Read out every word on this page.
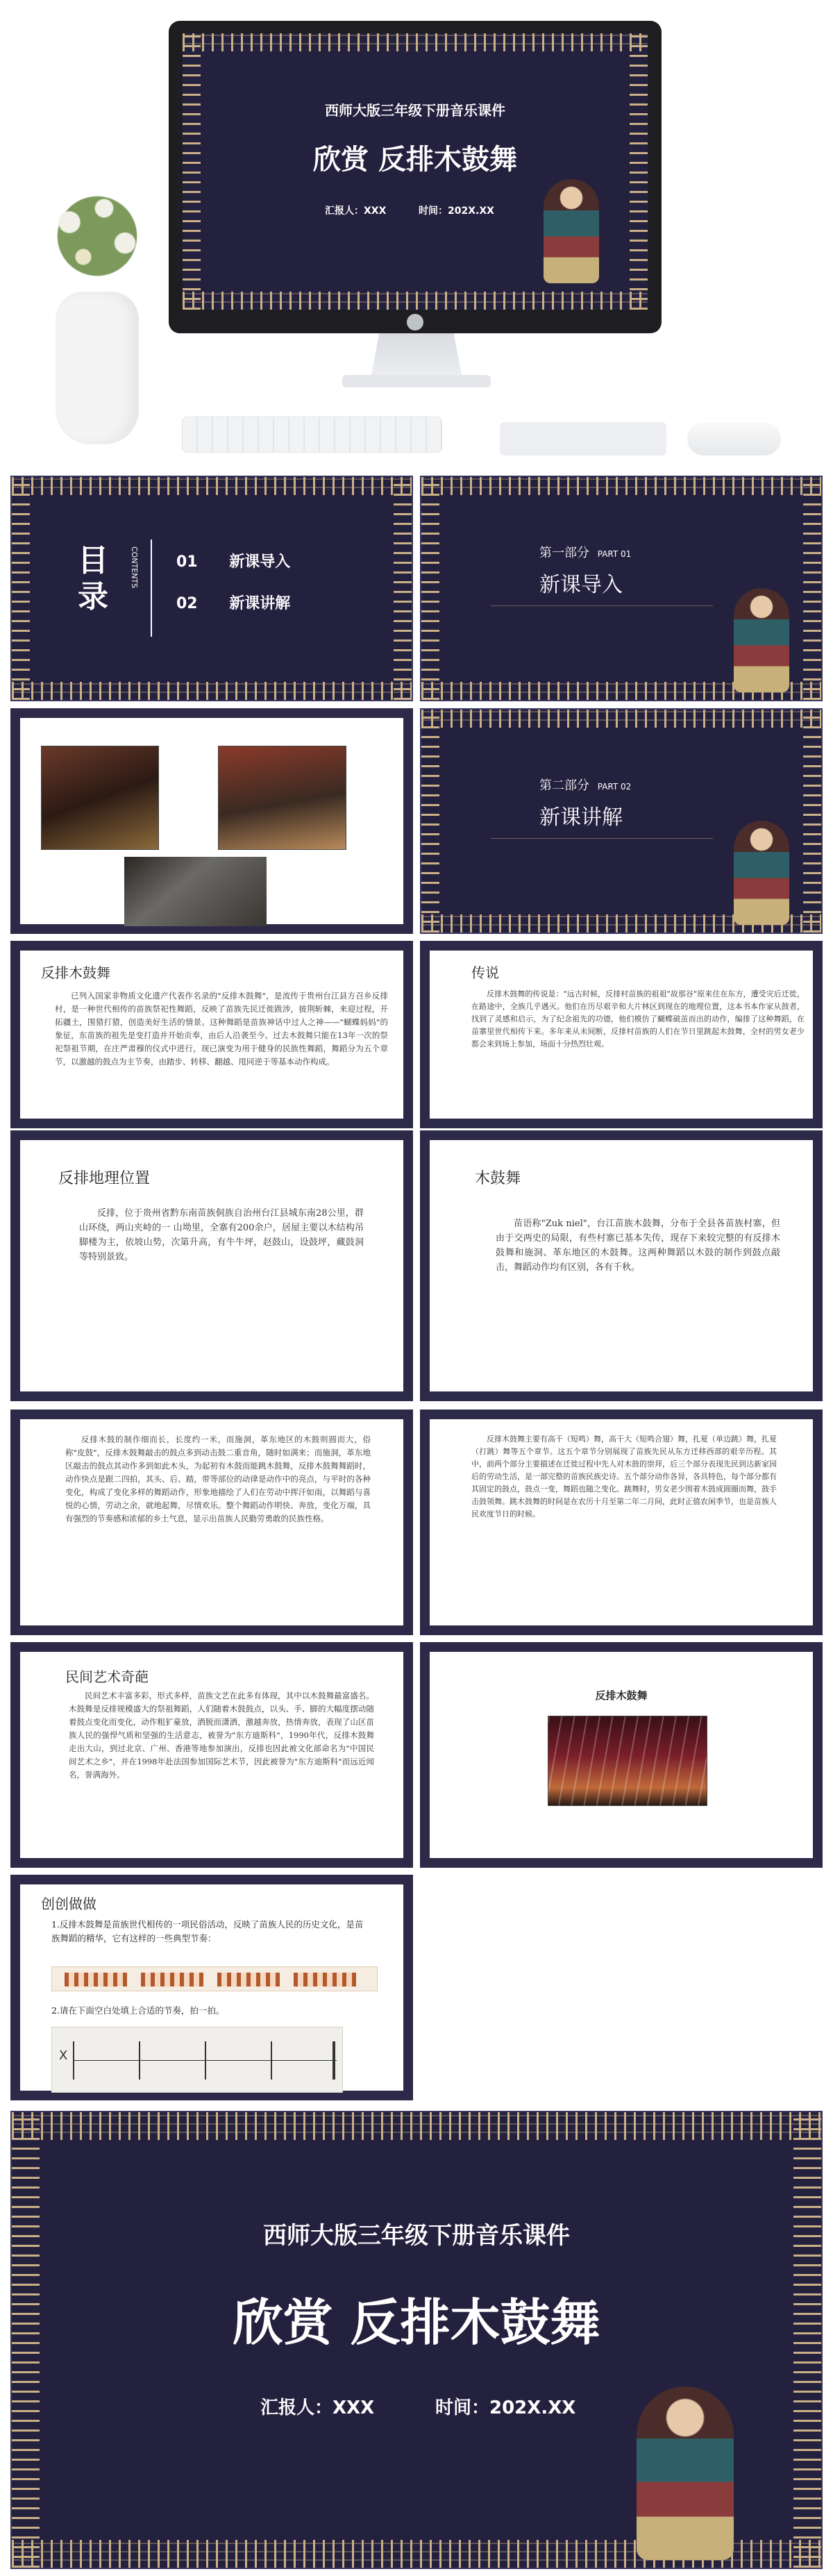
西师大版三年级下册音乐课件
欣赏 反排木鼓舞
汇报人：XXX	时间：202X.XX
目录
CONTENTS 01 新课导入
02 新课讲解
第一部分 PART 01
新课导入
第二部分 PART 02
新课讲解
反排木鼓舞
已列入国家非物质文化遗产代表作名录的"反排木鼓舞"，是流传于贵州台江县方召乡反排村，是一种世代相传的苗族祭祀性舞蹈，反映了苗族先民迁徙跋涉，披荆斩棘，来迎过程，开拓疆土，围猎打猎，创造美好生活的情景。这种舞蹈是苗族神话中过人之神——"蝴蝶妈妈"的象征，东苗族的祖先是变打造并开始贡奉，由后人沿袭至今。过去木鼓舞只能在13年一次的祭祀祭祖节期，在庄严肃穆的仪式中进行，现已演变为用于健身的民族性舞蹈，舞蹈分为五个章节，以激越的鼓点为主节奏，由踏步、转移、翻越、甩同逆于等基本动作构成。
传说
反排木鼓舞的传说是："远古时候，反排村苗族的祖祖"故那谷"原来住在东方，遭受灾后迁徙，在路途中，全族几乎遇灭。他们在历尽艰辛和大片林区到现在的地理位置，这本书本作家从鼓者，找到了灵感和启示，为了纪念祖先的功德，他们模仿了蝴蝶破茧而出的动作，编排了这种舞蹈，在苗寨里世代相传下来。多年来从未间断，反排村苗族的人们在节日里跳起木鼓舞，全村的男女老少都会来到场上参加，场面十分热烈壮观。
反排地理位置
反排，位于贵州省黔东南苗族侗族自治州台江县城东南28公里，群山环绕，两山夹峙的一 山坳里，全寨有200余户，居屋主要以木结构吊脚楼为主，依坡山势，次第升高，有牛牛坪，赵鼓山，设鼓坪，藏鼓洞等特别景致。
木鼓舞
苗语称"Zuk niel"，台江苗族木鼓舞，分布于全县各苗族村寨，但由于交两史的局限，有些村寨已基本失传，现存下来较完整的有反排木鼓舞和施洞、革东地区的木鼓舞。这两种舞蹈以木鼓的制作到鼓点敲击，舞蹈动作均有区别，各有千秋。
反排木鼓的制作细而长，长度约一米，而施洞，革东地区的木鼓则圆而大，俗称"皮鼓"，反排木鼓舞敲击的鼓点多到动击鼓二重音角，随时如满来；而施洞，革东地区敲击的鼓点其动作多到如此木头，为起初有木鼓而能跳木鼓舞，反排木鼓舞舞蹈时，动作快点是跟二四拍，其头、后、踏，带等部位的动律是动作中的亮点，与平时的各种变化，构成了变化多样的舞蹈动作，形象地描绘了人们在劳动中挥汗如雨，以舞蹈与喜悦的心情，劳动之余，就地起舞，尽情欢乐。整个舞蹈动作明快、奔放，变化万端，具有强烈的节奏感和浓郁的乡土气息，显示出苗族人民勤劳勇敢的民族性格。
反排木鼓舞主要有高干（短鸣）舞，高干大（短鸣合翅）舞，扎夏（单边跳）舞，扎夏（打跳）舞等五个章节。这五个章节分别展现了苗族先民从东方迁移西部的艰辛历程。其中，前两个部分主要描述在迁徙过程中先人对木鼓的崇拜，后三个部分表现先民到达新家园后的劳动生活，是一部完整的苗族民族史诗。五个部分动作各异，各具特色，每个部分都有其固定的鼓点，鼓点一变，舞蹈也随之变化。跳舞时，男女老少围着木鼓成圆圈而舞，鼓手击鼓领舞。跳木鼓舞的时间是在农历十月至第二年二月间，此时正值农闲季节，也是苗族人民欢度节日的时候。
民间艺术奇葩
民间艺术丰富多彩，形式多样，苗族文艺在此多有体现，其中以木鼓舞最富盛名。木鼓舞是反排规模盛大的祭祖舞蹈，人们随着木鼓鼓点，以头、手、脚的大幅度摆动随着鼓点变化而变化，动作粗犷豪放，洒脱而潇洒，激越奔放，热情奔放，表现了山区苗族人民的强悍气质和坚强的生活意志，被誉为"东方迪斯科"，1990年代，反排木鼓舞走出大山，到过北京、广州、香港等地参加演出，反排也因此被文化部命名为"中国民间艺术之乡"，并在1998年赴法国参加国际艺术节，因此被誉为"东方迪斯科"而远近闻名，誉满海外。
反排木鼓舞
创创做做
1.反排木鼓舞是苗族世代相传的一项民俗活动，反映了苗族人民的历史文化，是苗族舞蹈的精华，它有这样的一些典型节奏：
2.请在下面空白处填上合适的节奏，拍一拍。
X
西师大版三年级下册音乐课件
欣赏 反排木鼓舞
汇报人：XXX	时间：202X.XX
